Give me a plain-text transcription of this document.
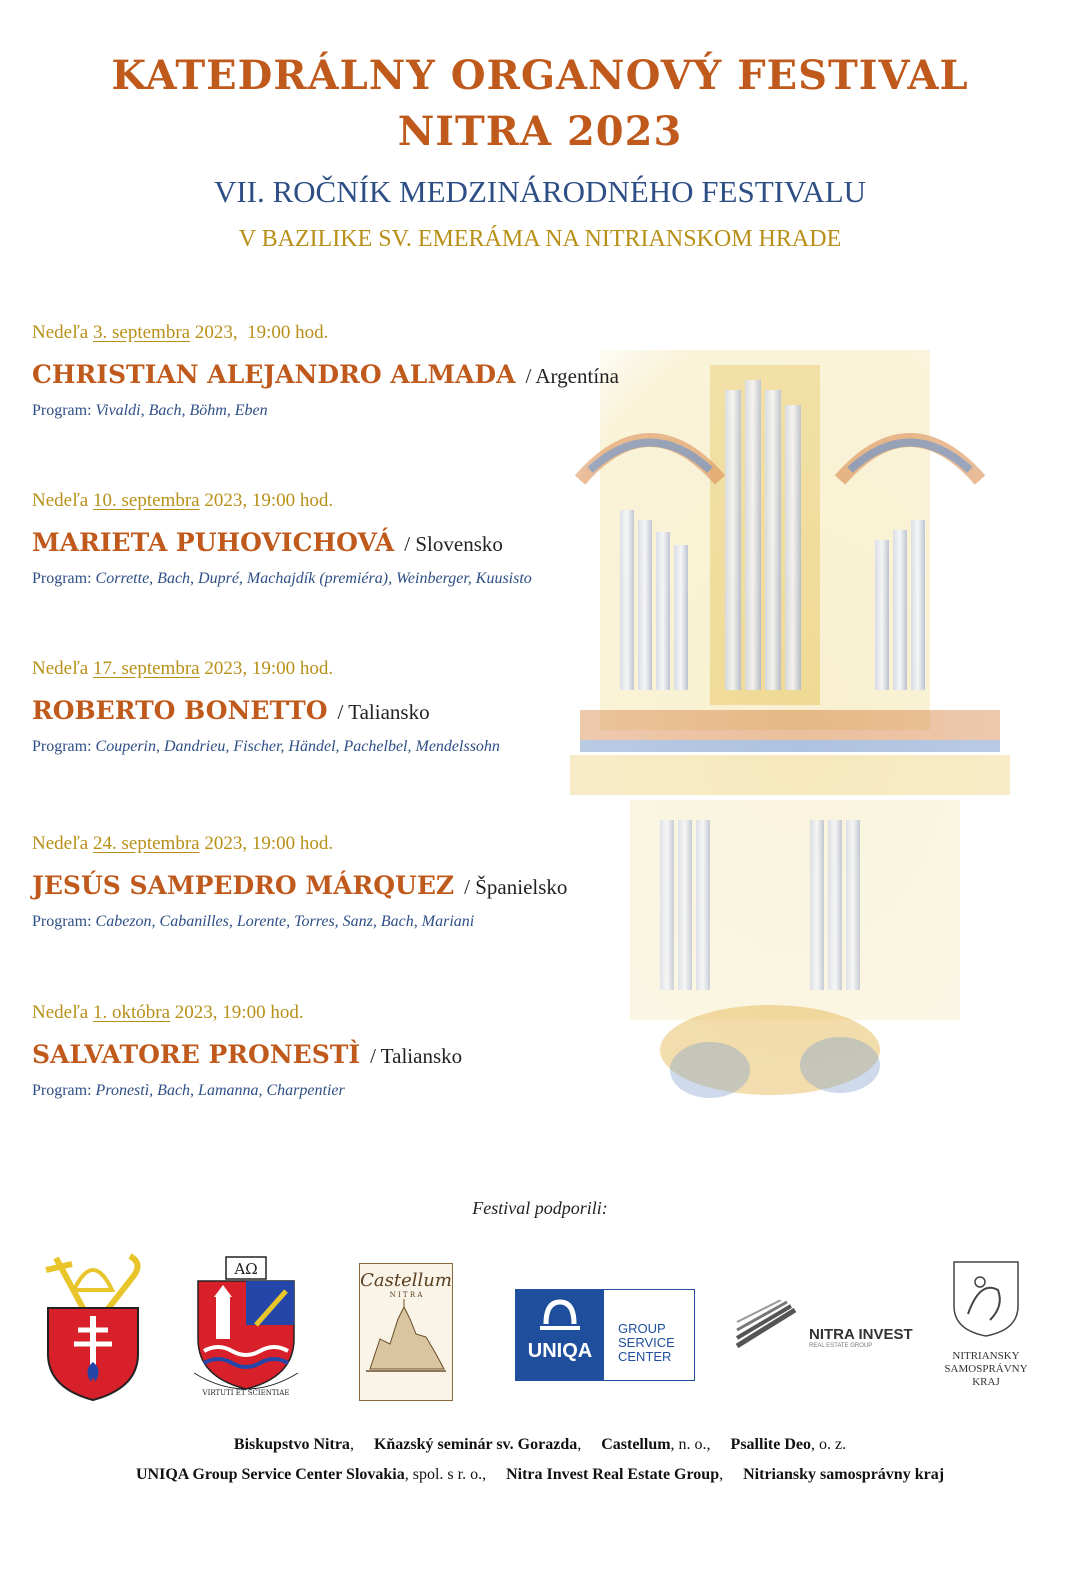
KATEDRÁLNY ORGANOVÝ FESTIVAL
NITRA 2023
VII. ROČNÍK MEDZINÁRODNÉHO FESTIVALU
V BAZILIKE SV. EMERÁMA NA NITRIANSKOM HRADE
Nedeľa 3. septembra 2023, 19:00 hod.
CHRISTIAN ALEJANDRO ALMADA / Argentína
Program: Vivaldi, Bach, Böhm, Eben
Nedeľa 10. septembra 2023, 19:00 hod.
MARIETA PUHOVICHOVÁ / Slovensko
Program: Corrette, Bach, Dupré, Machajdík (premiéra), Weinberger, Kuusisto
Nedeľa 17. septembra 2023, 19:00 hod.
ROBERTO BONETTO / Taliansko
Program: Couperin, Dandrieu, Fischer, Händel, Pachelbel, Mendelssohn
Nedeľa 24. septembra 2023, 19:00 hod.
JESÚS SAMPEDRO MÁRQUEZ / Španielsko
Program: Cabezon, Cabanilles, Lorente, Torres, Sanz, Bach, Mariani
Nedeľa 1. októbra 2023, 19:00 hod.
SALVATORE PRONESTÌ / Taliansko
Program: Pronestì, Bach, Lamanna, Charpentier
Festival podporili:
AΩ
VIRTUTI ET SCIENTIAE
Castellum
N I T R A
UNIQA
GROUP
SERVICE
CENTER
NITRA INVEST
REAL ESTATE GROUP
NITRIANSKY
SAMOSPRÁVNY
KRAJ
Biskupstvo Nitra, Kňazský seminár sv. Gorazda, Castellum, n. o., Psallite Deo, o. z.
UNIQA Group Service Center Slovakia, spol. s r. o., Nitra Invest Real Estate Group, Nitriansky samosprávny kraj
